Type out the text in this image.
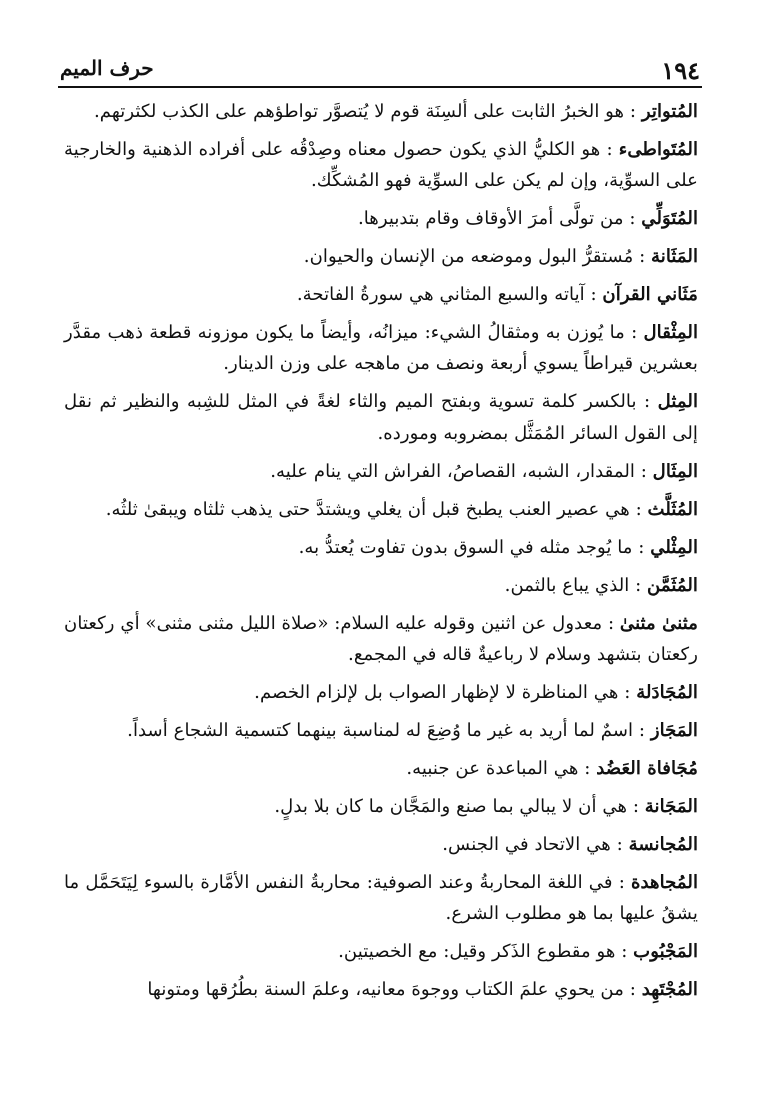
١٩٤
حرف الميم

المُتواتِر : هو الخبرُ الثابت على ألسِنَة قوم لا يُتصوَّر تواطؤهم على الكذب لكثرتهم.

المُتَواطىء : هو الكليُّ الذي يكون حصول معناه وصِدْقُه على أفراده الذهنية والخارجية على السوِّية، وإن لم يكن على السوِّية فهو المُشكِّك.

المُتَوَلِّي : من تولَّى أمرَ الأوقاف وقام بتدبيرها.

المَثَانة : مُستقرُّ البول وموضعه من الإنسان والحيوان.

مَثَاني القرآن : آياته والسبع المثاني هي سورةُ الفاتحة.

المِثْقال : ما يُوزن به ومثقالُ الشيء: ميزانُه، وأيضاً ما يكون موزونه قطعة ذهب مقدَّر بعشرين قيراطاً يسوي أربعة ونصف من ماهجه على وزن الدينار.

المِثل : بالكسر كلمة تسوية وبفتح الميم والثاء لغةً في المثل للشِبه والنظير ثم نقل إلى القول السائر المُمَثَّل بمضروبه ومورده.

المِثَال : المقدار، الشبه، القصاصُ، الفراش التي ينام عليه.

المُثَلَّث : هي عصير العنب يطبخ قبل أن يغلي ويشتدَّ حتى يذهب ثلثاه ويبقىٰ ثلثُه.

المِثْلي : ما يُوجد مثله في السوق بدون تفاوت يُعتدُّ به.

المُثَمَّن : الذي يباع بالثمن.

مثنىٰ مثنىٰ : معدول عن اثنين وقوله عليه السلام: «صلاة الليل مثنى مثنى» أي ركعتان ركعتان بتشهد وسلام لا رباعيةٌ قاله في المجمع.

المُجَادَلة : هي المناظرة لا لإظهار الصواب بل لإلزام الخصم.

المَجَاز : اسمٌ لما أريد به غير ما وُضِعَ له لمناسبة بينهما كتسمية الشجاع أسداً.

مُجَافاة العَضُد : هي المباعدة عن جنبيه.

المَجَانة : هي أن لا يبالي بما صنع والمَجَّان ما كان بلا بدلٍ.

المُجانسة : هي الاتحاد في الجنس.

المُجاهدة : في اللغة المحاربةُ وعند الصوفية: محاربةُ النفس الأمَّارة بالسوء لِيَتَحَمَّل ما يشقُ عليها بما هو مطلوب الشرع.

المَجْبُوب : هو مقطوع الذَكر وقيل: مع الخصيتين.

المُجْتَهِد : من يحوي علمَ الكتاب ووجوهَ معانيه، وعلمَ السنة بطُرُقها ومتونها
